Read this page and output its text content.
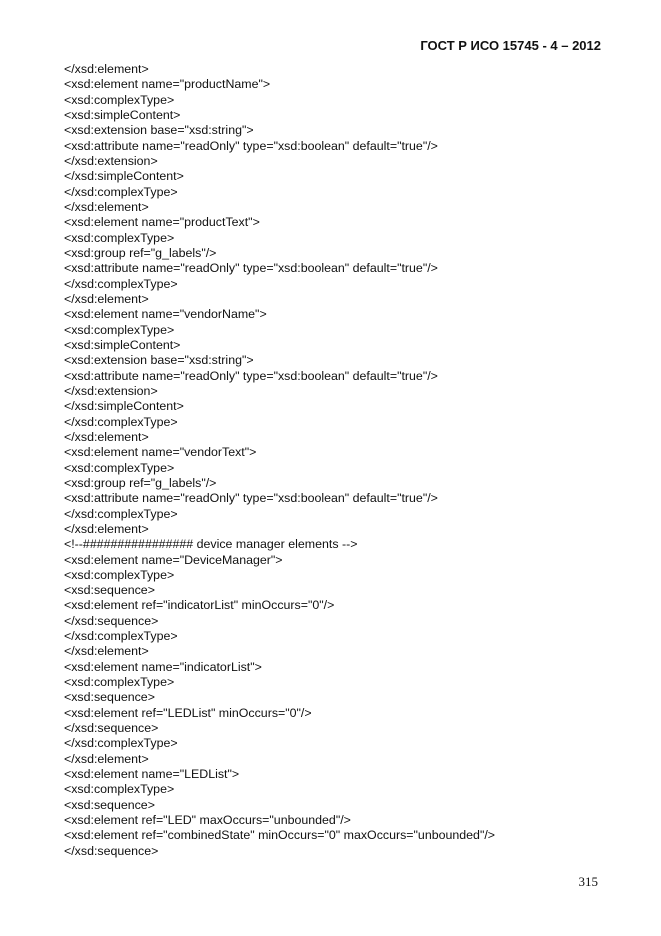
ГОСТ Р ИСО 15745 - 4 – 2012
</xsd:element>
<xsd:element name="productName">
<xsd:complexType>
<xsd:simpleContent>
<xsd:extension base="xsd:string">
<xsd:attribute name="readOnly" type="xsd:boolean" default="true"/>
</xsd:extension>
</xsd:simpleContent>
</xsd:complexType>
</xsd:element>
<xsd:element name="productText">
<xsd:complexType>
<xsd:group ref="g_labels"/>
<xsd:attribute name="readOnly" type="xsd:boolean" default="true"/>
</xsd:complexType>
</xsd:element>
<xsd:element name="vendorName">
<xsd:complexType>
<xsd:simpleContent>
<xsd:extension base="xsd:string">
<xsd:attribute name="readOnly" type="xsd:boolean" default="true"/>
</xsd:extension>
</xsd:simpleContent>
</xsd:complexType>
</xsd:element>
<xsd:element name="vendorText">
<xsd:complexType>
<xsd:group ref="g_labels"/>
<xsd:attribute name="readOnly" type="xsd:boolean" default="true"/>
</xsd:complexType>
</xsd:element>
<!--################ device manager elements -->
<xsd:element name="DeviceManager">
<xsd:complexType>
<xsd:sequence>
<xsd:element ref="indicatorList" minOccurs="0"/>
</xsd:sequence>
</xsd:complexType>
</xsd:element>
<xsd:element name="indicatorList">
<xsd:complexType>
<xsd:sequence>
<xsd:element ref="LEDList" minOccurs="0"/>
</xsd:sequence>
</xsd:complexType>
</xsd:element>
<xsd:element name="LEDList">
<xsd:complexType>
<xsd:sequence>
<xsd:element ref="LED" maxOccurs="unbounded"/>
<xsd:element ref="combinedState" minOccurs="0" maxOccurs="unbounded"/>
</xsd:sequence>
315
